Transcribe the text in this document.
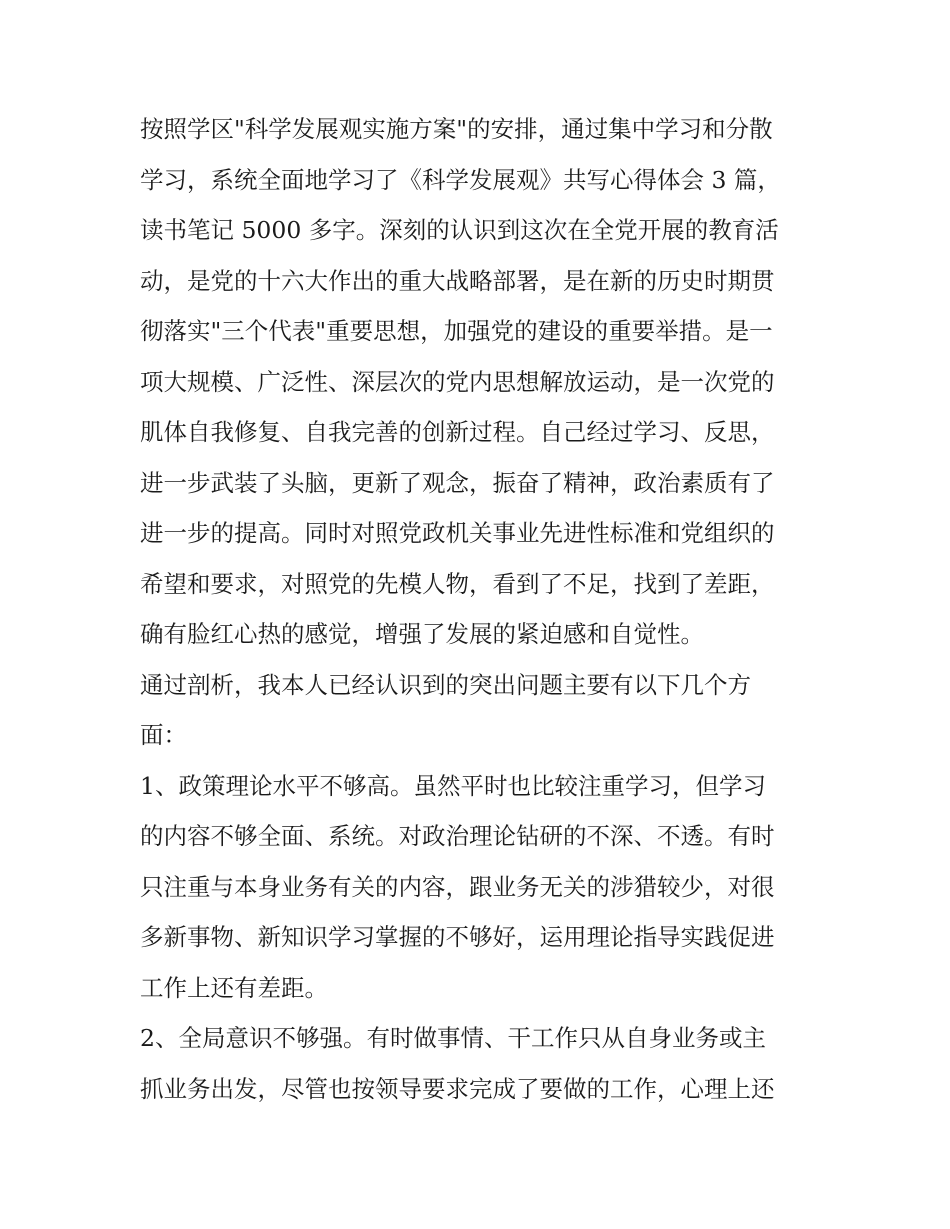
按照学区"科学发展观实施方案"的安排，通过集中学习和分散
学习，系统全面地学习了《科学发展观》共写心得体会 3 篇，
读书笔记 5000 多字。深刻的认识到这次在全党开展的教育活
动，是党的十六大作出的重大战略部署，是在新的历史时期贯
彻落实"三个代表"重要思想，加强党的建设的重要举措。是一
项大规模、广泛性、深层次的党内思想解放运动，是一次党的
肌体自我修复、自我完善的创新过程。自己经过学习、反思，
进一步武装了头脑，更新了观念，振奋了精神，政治素质有了
进一步的提高。同时对照党政机关事业先进性标准和党组织的
希望和要求，对照党的先模人物，看到了不足，找到了差距，
确有脸红心热的感觉，增强了发展的紧迫感和自觉性。
通过剖析，我本人已经认识到的突出问题主要有以下几个方
面：
1、政策理论水平不够高。虽然平时也比较注重学习，但学习
的内容不够全面、系统。对政治理论钻研的不深、不透。有时
只注重与本身业务有关的内容，跟业务无关的涉猎较少，对很
多新事物、新知识学习掌握的不够好，运用理论指导实践促进
工作上还有差距。
2、全局意识不够强。有时做事情、干工作只从自身业务或主
抓业务出发，尽管也按领导要求完成了要做的工作，心理上还
